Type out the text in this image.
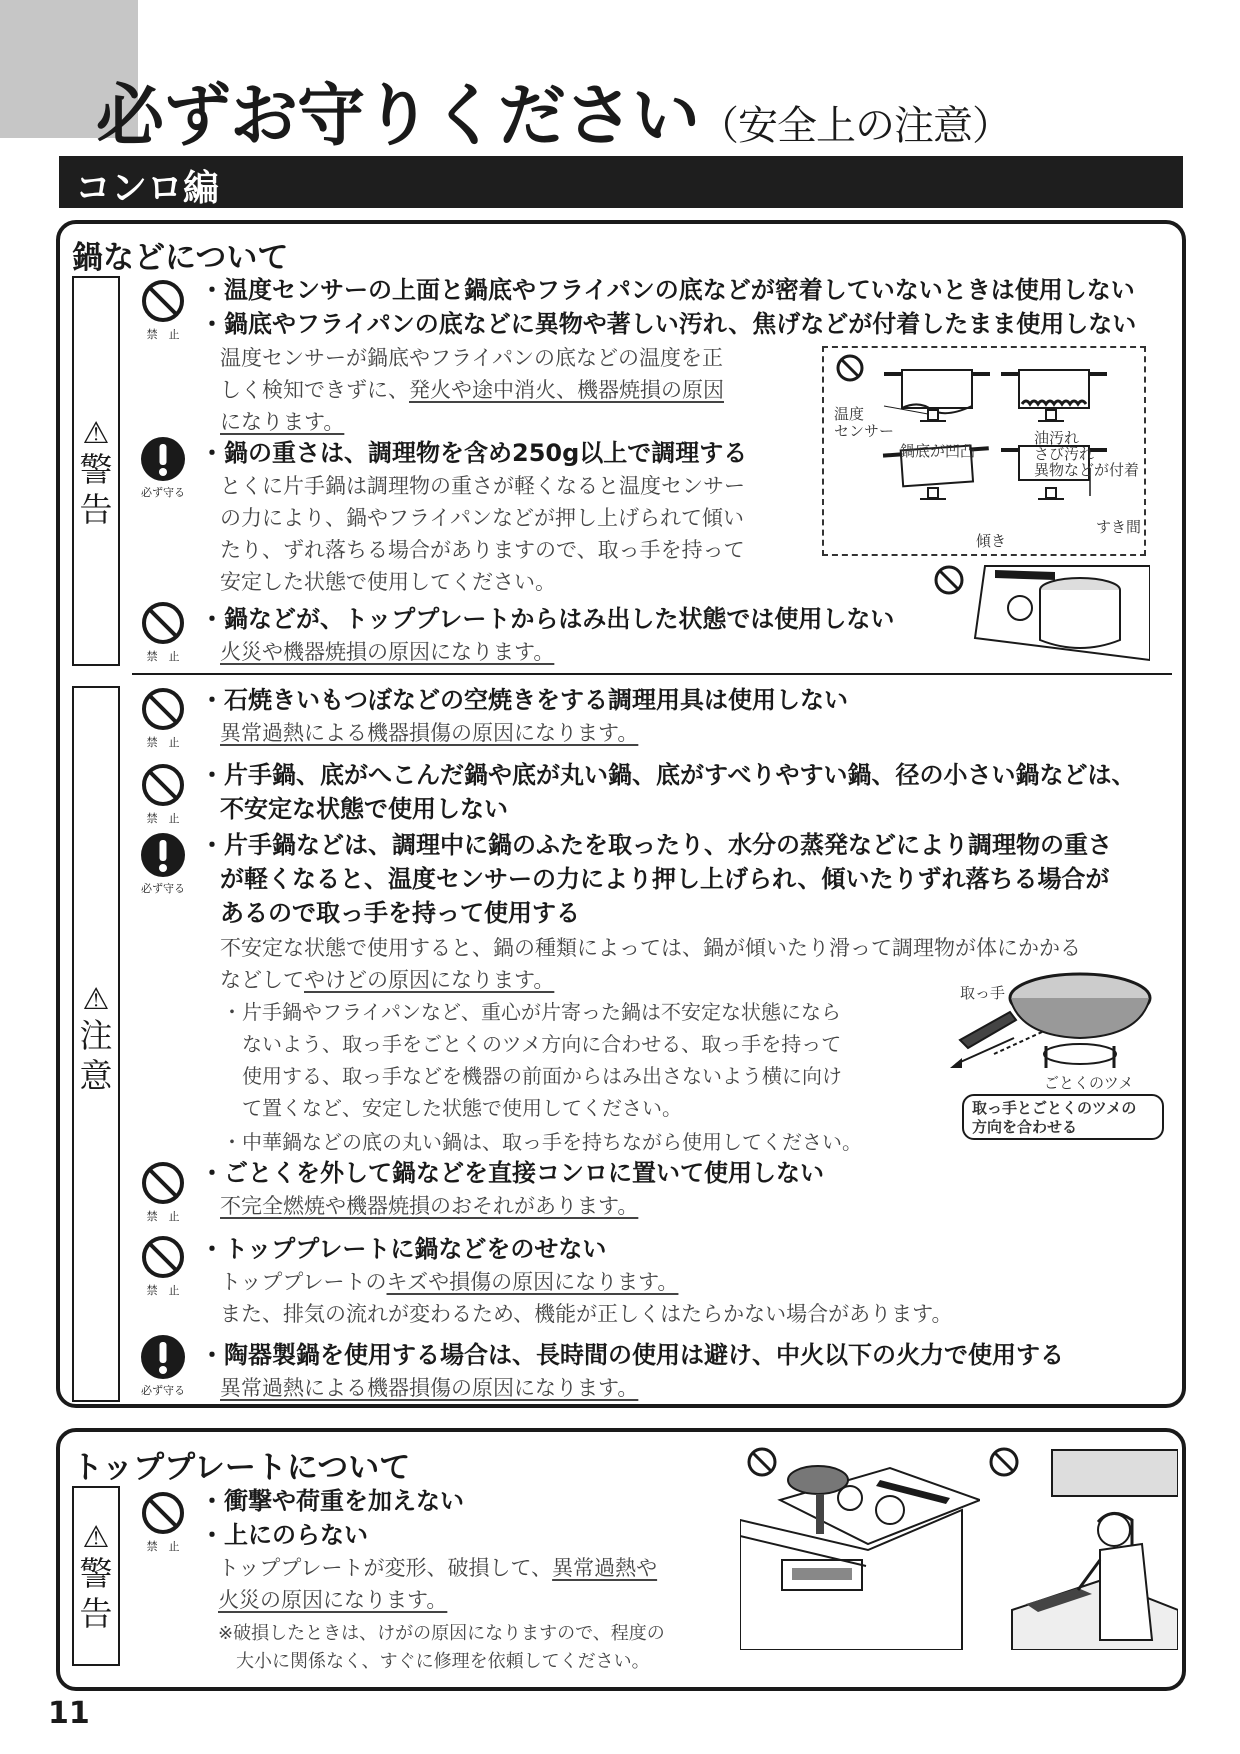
必ずお守りください（安全上の注意）
コンロ編
鍋などについて
⚠
警告
⚠
注意
禁　止
必ず守る
禁　止
禁　止
禁　止
必ず守る
禁　止
禁　止
必ず守る
・温度センサーの上面と鍋底やフライパンの底などが密着していないときは使用しない
・鍋底やフライパンの底などに異物や著しい汚れ、焦げなどが付着したまま使用しない
温度センサーが鍋底やフライパンの底などの温度を正
しく検知できずに、発火や途中消火、機器焼損の原因
になります。
・鍋の重さは、調理物を含め250g以上で調理する
とくに片手鍋は調理物の重さが軽くなると温度センサー
の力により、鍋やフライパンなどが押し上げられて傾い
たり、ずれ落ちる場合がありますので、取っ手を持って
安定した状態で使用してください。
・鍋などが、トッププレートからはみ出した状態では使用しない
火災や機器焼損の原因になります。
温度
センサー
鍋底が凹凸
油汚れ
さび汚れ
異物などが付着
傾き
すき間
・石焼きいもつぼなどの空焼きをする調理用具は使用しない
異常過熱による機器損傷の原因になります。
・片手鍋、底がへこんだ鍋や底が丸い鍋、底がすべりやすい鍋、径の小さい鍋などは、
不安定な状態で使用しない
・片手鍋などは、調理中に鍋のふたを取ったり、水分の蒸発などにより調理物の重さ
が軽くなると、温度センサーの力により押し上げられ、傾いたりずれ落ちる場合が
あるので取っ手を持って使用する
不安定な状態で使用すると、鍋の種類によっては、鍋が傾いたり滑って調理物が体にかかる
などしてやけどの原因になります。
・片手鍋やフライパンなど、重心が片寄った鍋は不安定な状態になら
　ないよう、取っ手をごとくのツメ方向に合わせる、取っ手を持って
　使用する、取っ手などを機器の前面からはみ出さないよう横に向け
　て置くなど、安定した状態で使用してください。
・中華鍋などの底の丸い鍋は、取っ手を持ちながら使用してください。
取っ手
ごとくのツメ
取っ手とごとくのツメの
方向を合わせる
・ごとくを外して鍋などを直接コンロに置いて使用しない
不完全燃焼や機器焼損のおそれがあります。
・トッププレートに鍋などをのせない
トッププレートのキズや損傷の原因になります。
また、排気の流れが変わるため、機能が正しくはたらかない場合があります。
・陶器製鍋を使用する場合は、長時間の使用は避け、中火以下の火力で使用する
異常過熱による機器損傷の原因になります。
トッププレートについて
⚠
警告
禁　止
・衝撃や荷重を加えない
・上にのらない
トッププレートが変形、破損して、異常過熱や
火災の原因になります。
※破損したときは、けがの原因になりますので、程度の
　大小に関係なく、すぐに修理を依頼してください。
11
